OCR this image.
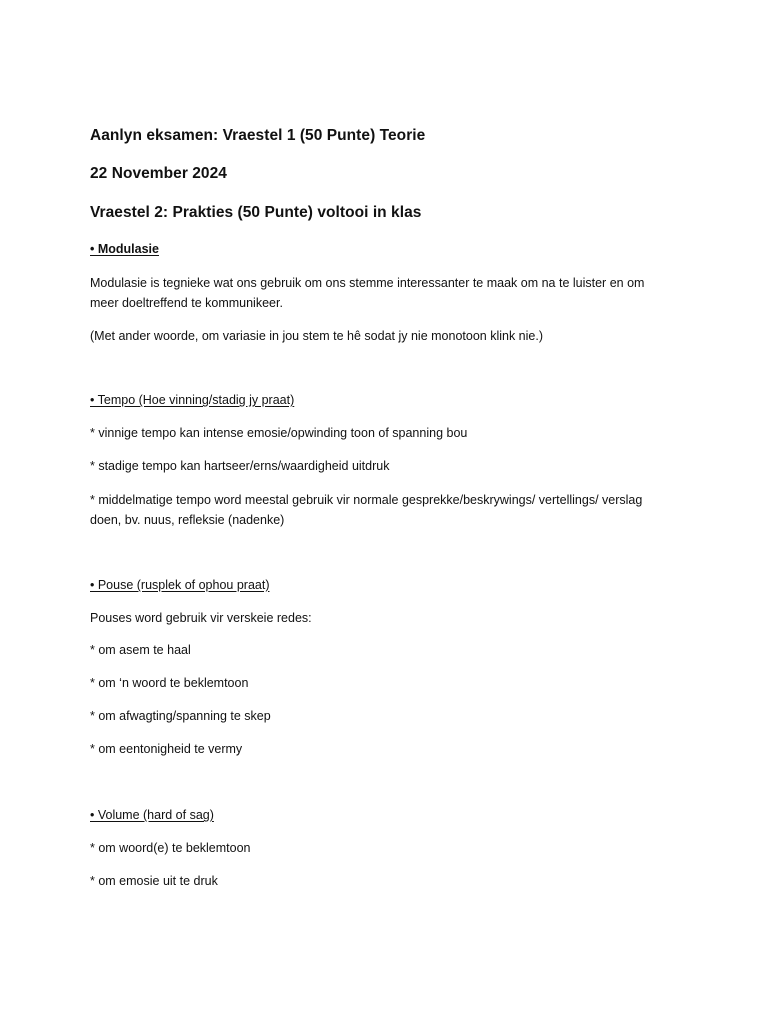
Aanlyn eksamen: Vraestel 1 (50 Punte) Teorie
22 November 2024
Vraestel 2: Prakties (50 Punte) voltooi in klas
• Modulasie
Modulasie is tegnieke wat ons gebruik om ons stemme interessanter te maak om na te luister en om meer doeltreffend te kommunikeer.
(Met ander woorde, om variasie in jou stem te hê sodat jy nie monotoon klink nie.)
• Tempo (Hoe vinning/stadig jy praat)
* vinnige tempo kan intense emosie/opwinding toon of spanning bou
* stadige tempo kan hartseer/erns/waardigheid uitdruk
* middelmatige tempo word meestal gebruik vir normale gesprekke/beskrywings/ vertellings/ verslag doen, bv. nuus, refleksie (nadenke)
• Pouse (rusplek of ophou praat)
Pouses word gebruik vir verskeie redes:
* om asem te haal
* om ‘n woord te beklemtoon
* om afwagting/spanning te skep
* om eentonigheid te vermy
• Volume (hard of sag)
* om woord(e) te beklemtoon
* om emosie uit te druk
